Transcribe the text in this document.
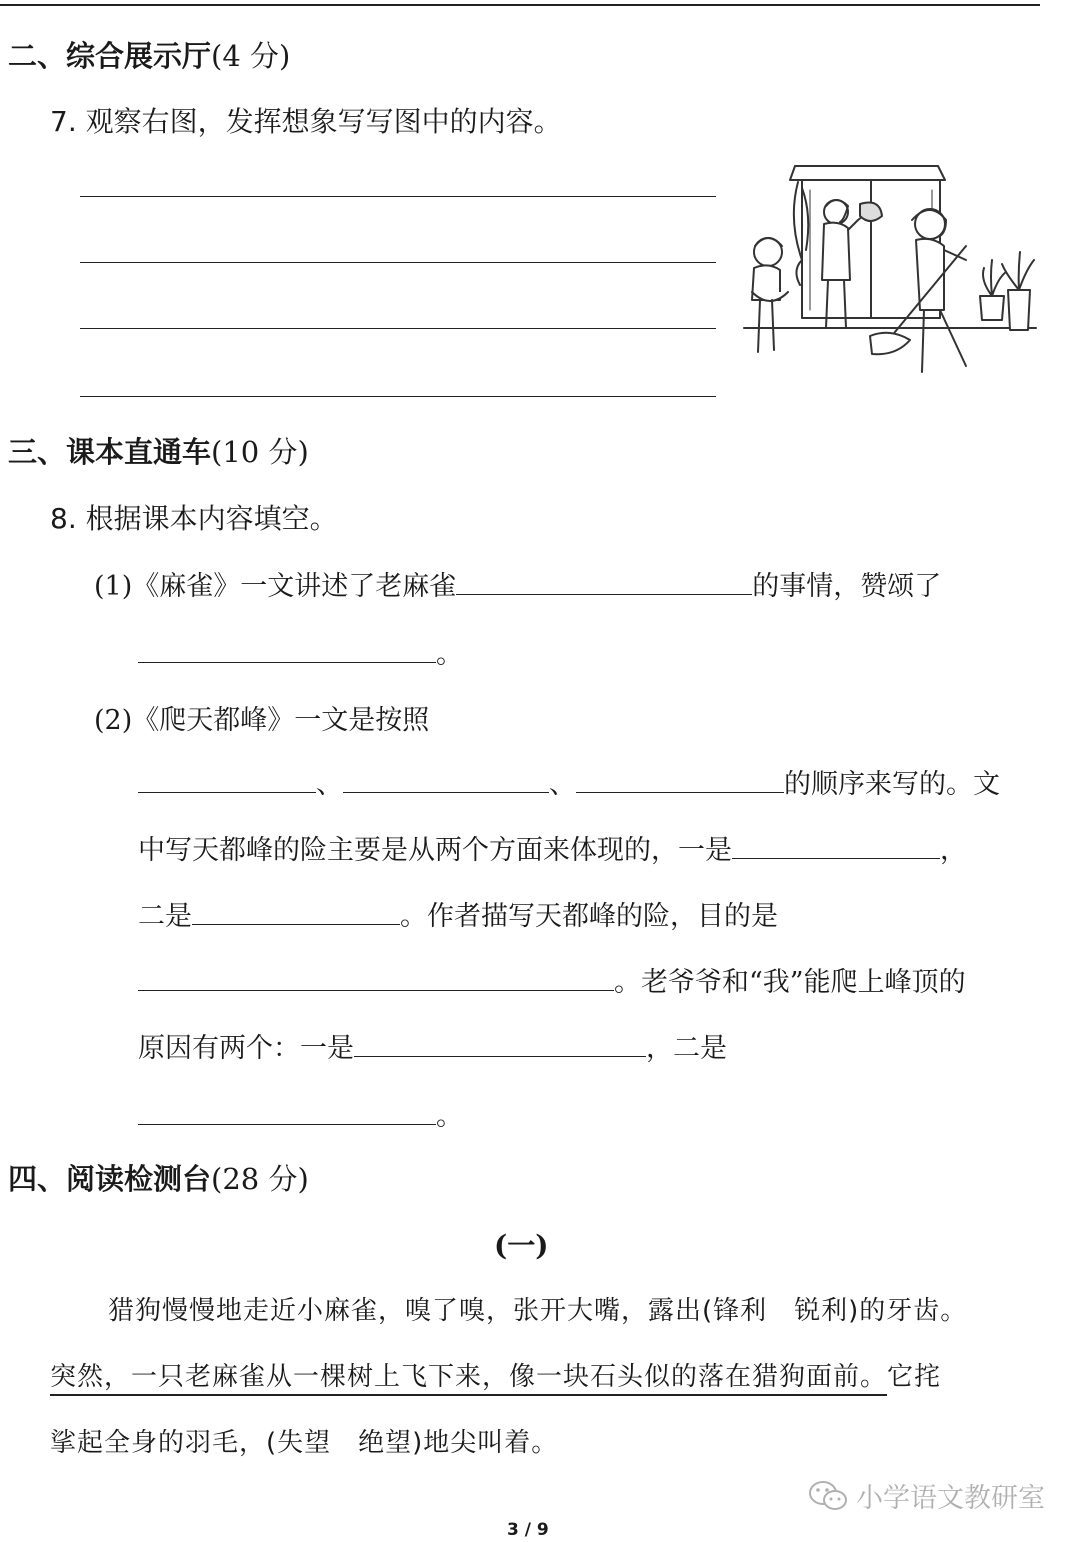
二、综合展示厅(4 分)
7. 观察右图，发挥想象写写图中的内容。
三、课本直通车(10 分)
8. 根据课本内容填空。
(1)《麻雀》一文讲述了老麻雀	的事情，赞颂了
。
(2)《爬天都峰》一文是按照
、	、	的顺序来写的。文
中写天都峰的险主要是从两个方面来体现的，一是	，
二是	。作者描写天都峰的险，目的是
。老爷爷和“我”能爬上峰顶的
原因有两个：一是	，二是
。
四、阅读检测台(28 分)
(一)
猎狗慢慢地走近小麻雀，嗅了嗅，张开大嘴，露出(锋利　锐利)的牙齿。
突然，一只老麻雀从一棵树上飞下来，像一块石头似的落在猎狗面前。它挓
挲起全身的羽毛，(失望　绝望)地尖叫着。
小学语文教研室
3 / 9
